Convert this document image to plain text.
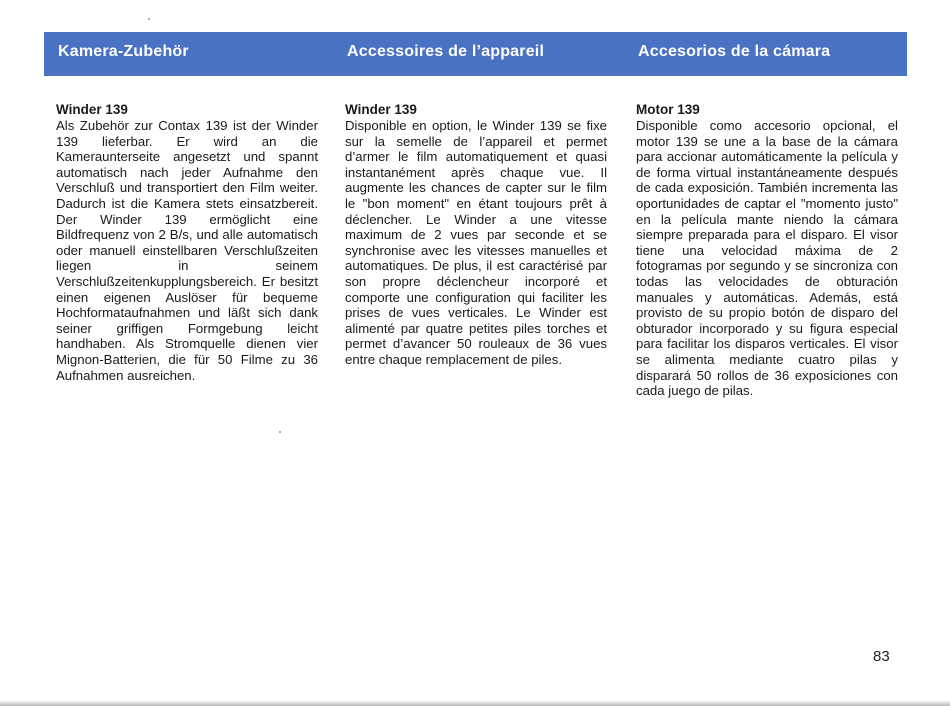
Kamera-Zubehör	Accessoires de l’appareil	Accesorios de la cámara

Winder 139

Als Zubehör zur Contax 139 ist der Winder 139 lieferbar. Er wird an die Kameraunterseite angesetzt und spannt automatisch nach jeder Aufnahme den Verschluß und transportiert den Film weiter. Dadurch ist die Kamera stets einsatzbereit. Der Winder 139 ermöglicht eine Bildfrequenz von 2 B/s, und alle automatisch oder manuell einstellbaren Verschlußzeiten liegen in seinem Verschlußzeitenkupplungsbereich. Er besitzt einen eigenen Auslöser für bequeme Hochformataufnahmen und läßt sich dank seiner griffigen Formgebung leicht handhaben. Als Stromquelle dienen vier Mignon-Batterien, die für 50 Filme zu 36 Aufnahmen ausreichen.

Winder 139

Disponible en option, le Winder 139 se fixe sur la semelle de l’appareil et permet d’armer le film automatiquement et quasi instantanément après chaque vue. Il augmente les chances de capter sur le film le "bon moment" en étant toujours prêt à déclencher. Le Winder a une vitesse maximum de 2 vues par seconde et se synchronise avec les vitesses manuelles et automatiques. De plus, il est caractérisé par son propre déclencheur incorporé et comporte une configuration qui faciliter les prises de vues verticales. Le Winder est alimenté par quatre petites piles torches et permet d’avancer 50 rouleaux de 36 vues entre chaque remplacement de piles.

Motor 139

Disponible como accesorio opcional, el motor 139 se une a la base de la cámara para accionar automáticamente la película y de forma virtual instantáneamente después de cada exposición. También incrementa las oportunidades de captar el "momento justo" en la película mante niendo la cámara siempre preparada para el disparo. El visor tiene una velocidad máxima de 2 fotogramas por segundo y se sincroniza con todas las velocidades de obturación manuales y automáticas. Además, está provisto de su propio botón de disparo del obturador incorporado y su figura especial para facilitar los disparos verticales. El visor se alimenta mediante cuatro pilas y disparará 50 rollos de 36 exposiciones con cada juego de pilas.

83
